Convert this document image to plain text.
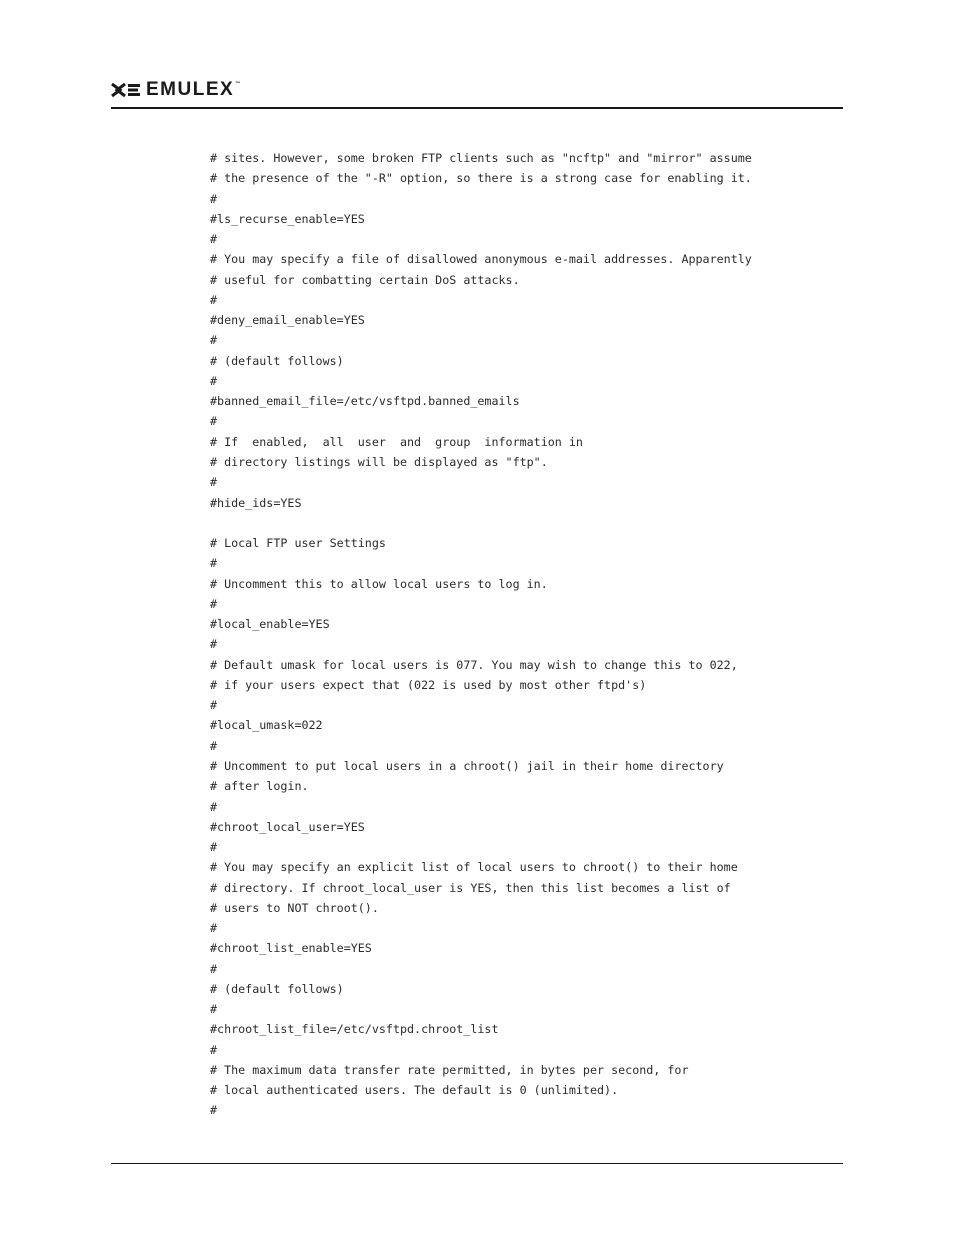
EMULEX™
# sites. However, some broken FTP clients such as "ncftp" and "mirror" assume
# the presence of the "-R" option, so there is a strong case for enabling it.
#
#ls_recurse_enable=YES
#
# You may specify a file of disallowed anonymous e-mail addresses. Apparently
# useful for combatting certain DoS attacks.
#
#deny_email_enable=YES
#
# (default follows)
#
#banned_email_file=/etc/vsftpd.banned_emails
#
# If  enabled,  all  user  and  group  information in
# directory listings will be displayed as "ftp".
#
#hide_ids=YES

# Local FTP user Settings
#
# Uncomment this to allow local users to log in.
#
#local_enable=YES
#
# Default umask for local users is 077. You may wish to change this to 022,
# if your users expect that (022 is used by most other ftpd's)
#
#local_umask=022
#
# Uncomment to put local users in a chroot() jail in their home directory
# after login.
#
#chroot_local_user=YES
#
# You may specify an explicit list of local users to chroot() to their home
# directory. If chroot_local_user is YES, then this list becomes a list of
# users to NOT chroot().
#
#chroot_list_enable=YES
#
# (default follows)
#
#chroot_list_file=/etc/vsftpd.chroot_list
#
# The maximum data transfer rate permitted, in bytes per second, for
# local authenticated users. The default is 0 (unlimited).
#
